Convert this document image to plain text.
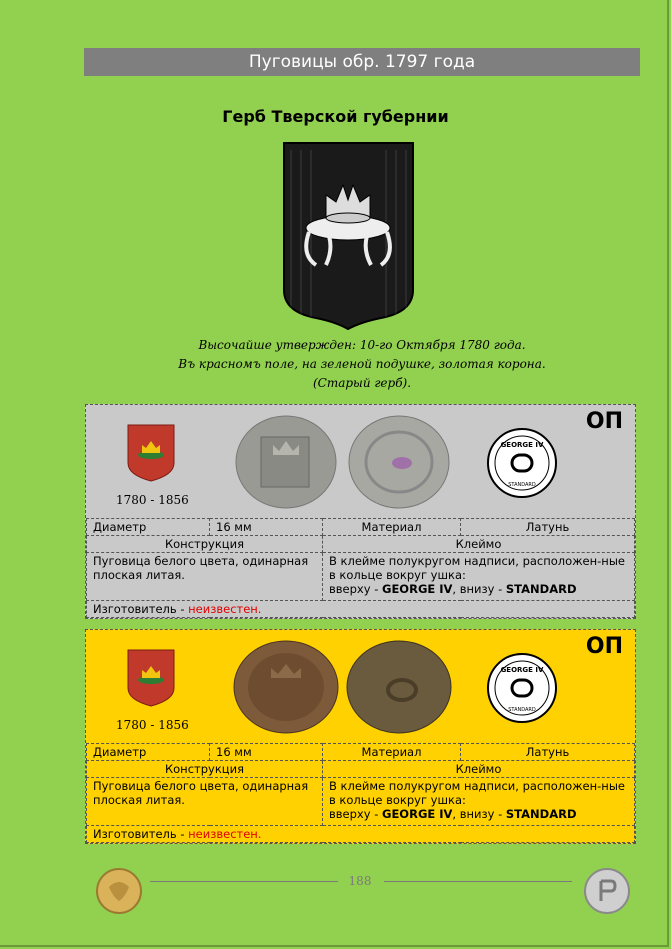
Пуговицы обр. 1797 года
Герб Тверской губернии
Высочайше утвержден: 10-го Октября 1780 года.
Въ красномъ поле, на зеленой подушке, золотая корона.
(Старый герб).
1780 - 1856
GEORGE IV
STANDARD
ОП
Диаметр	16 мм	Материал	Латунь
Конструкция		Клеймо	
Пуговица белого цвета, одинарная плоская литая.		В клейме полукругом надписи, расположен-ные в кольце вокруг ушка:
вверху - GEORGE IV, внизу - STANDARD	
Изготовитель - неизвестен.			
1780 - 1856
GEORGE IV
STANDARD
ОП
Диаметр	16 мм	Материал	Латунь
Конструкция		Клеймо	
Пуговица белого цвета, одинарная плоская литая.		В клейме полукругом надписи, расположен-ные в кольце вокруг ушка:
вверху - GEORGE IV, внизу - STANDARD	
Изготовитель - неизвестен.			
188
